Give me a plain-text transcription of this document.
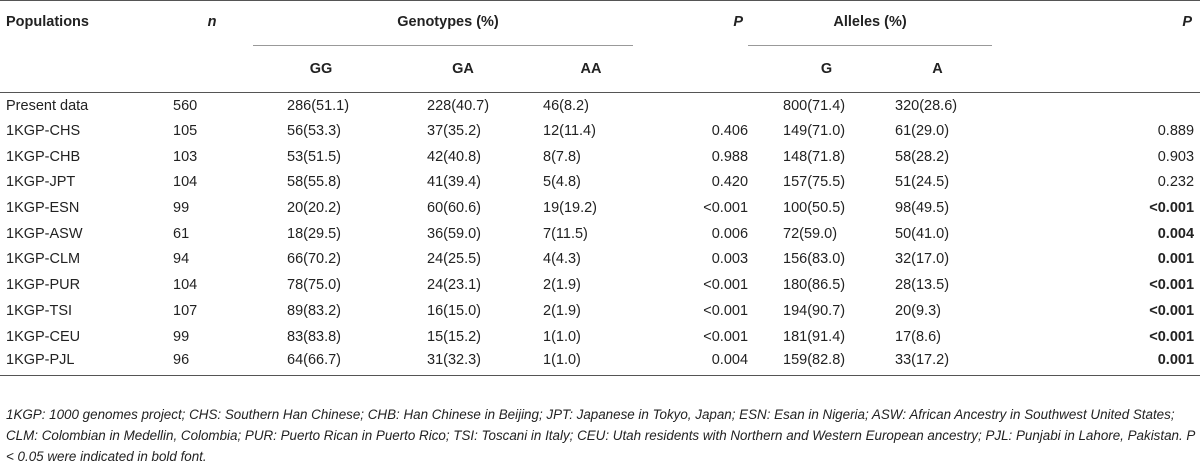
Populations	n	Genotypes (%)			P	Alleles (%)		P
		GG	GA	AA		G	A	
Present data	560	286(51.1)	228(40.7)	46(8.2)		800(71.4)	320(28.6)	
1KGP-CHS	105	56(53.3)	37(35.2)	12(11.4)	0.406	149(71.0)	61(29.0)	0.889
1KGP-CHB	103	53(51.5)	42(40.8)	8(7.8)	0.988	148(71.8)	58(28.2)	0.903
1KGP-JPT	104	58(55.8)	41(39.4)	5(4.8)	0.420	157(75.5)	51(24.5)	0.232
1KGP-ESN	99	20(20.2)	60(60.6)	19(19.2)	<0.001	100(50.5)	98(49.5)	<0.001
1KGP-ASW	61	18(29.5)	36(59.0)	7(11.5)	0.006	72(59.0)	50(41.0)	0.004
1KGP-CLM	94	66(70.2)	24(25.5)	4(4.3)	0.003	156(83.0)	32(17.0)	0.001
1KGP-PUR	104	78(75.0)	24(23.1)	2(1.9)	<0.001	180(86.5)	28(13.5)	<0.001
1KGP-TSI	107	89(83.2)	16(15.0)	2(1.9)	<0.001	194(90.7)	20(9.3)	<0.001
1KGP-CEU	99	83(83.8)	15(15.2)	1(1.0)	<0.001	181(91.4)	17(8.6)	<0.001
1KGP-PJL	96	64(66.7)	31(32.3)	1(1.0)	0.004	159(82.8)	33(17.2)	0.001
1KGP: 1000 genomes project; CHS: Southern Han Chinese; CHB: Han Chinese in Beijing; JPT: Japanese in Tokyo, Japan; ESN: Esan in Nigeria; ASW: African Ancestry in Southwest United States; CLM: Colombian in Medellin, Colombia; PUR: Puerto Rican in Puerto Rico; TSI: Toscani in Italy; CEU: Utah residents with Northern and Western European ancestry; PJL: Punjabi in Lahore, Pakistan. P < 0.05 were indicated in bold font.
